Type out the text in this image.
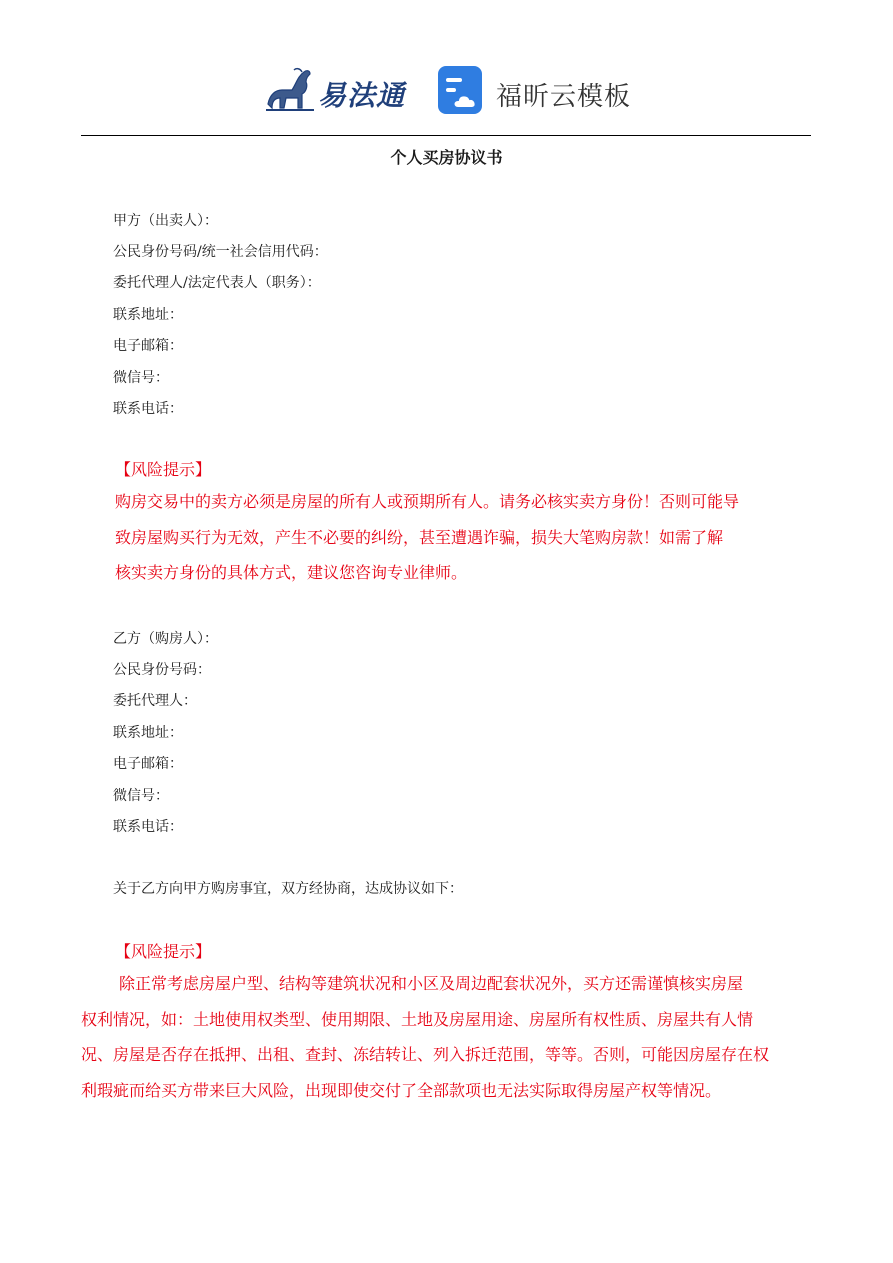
易法通	福昕云模板
个人买房协议书
甲方（出卖人）：
公民身份号码/统一社会信用代码：
委托代理人/法定代表人（职务）：
联系地址：
电子邮箱：
微信号：
联系电话：
【风险提示】
购房交易中的卖方必须是房屋的所有人或预期所有人。请务必核实卖方身份！否则可能导
致房屋购买行为无效，产生不必要的纠纷，甚至遭遇诈骗，损失大笔购房款！如需了解
核实卖方身份的具体方式，建议您咨询专业律师。
乙方（购房人）：
公民身份号码：
委托代理人：
联系地址：
电子邮箱：
微信号：
联系电话：
关于乙方向甲方购房事宜，双方经协商，达成协议如下：
【风险提示】
除正常考虑房屋户型、结构等建筑状况和小区及周边配套状况外，买方还需谨慎核实房屋
权利情况，如：土地使用权类型、使用期限、土地及房屋用途、房屋所有权性质、房屋共有人情
况、房屋是否存在抵押、出租、查封、冻结转让、列入拆迁范围，等等。否则，可能因房屋存在权
利瑕疵而给买方带来巨大风险，出现即使交付了全部款项也无法实际取得房屋产权等情况。
